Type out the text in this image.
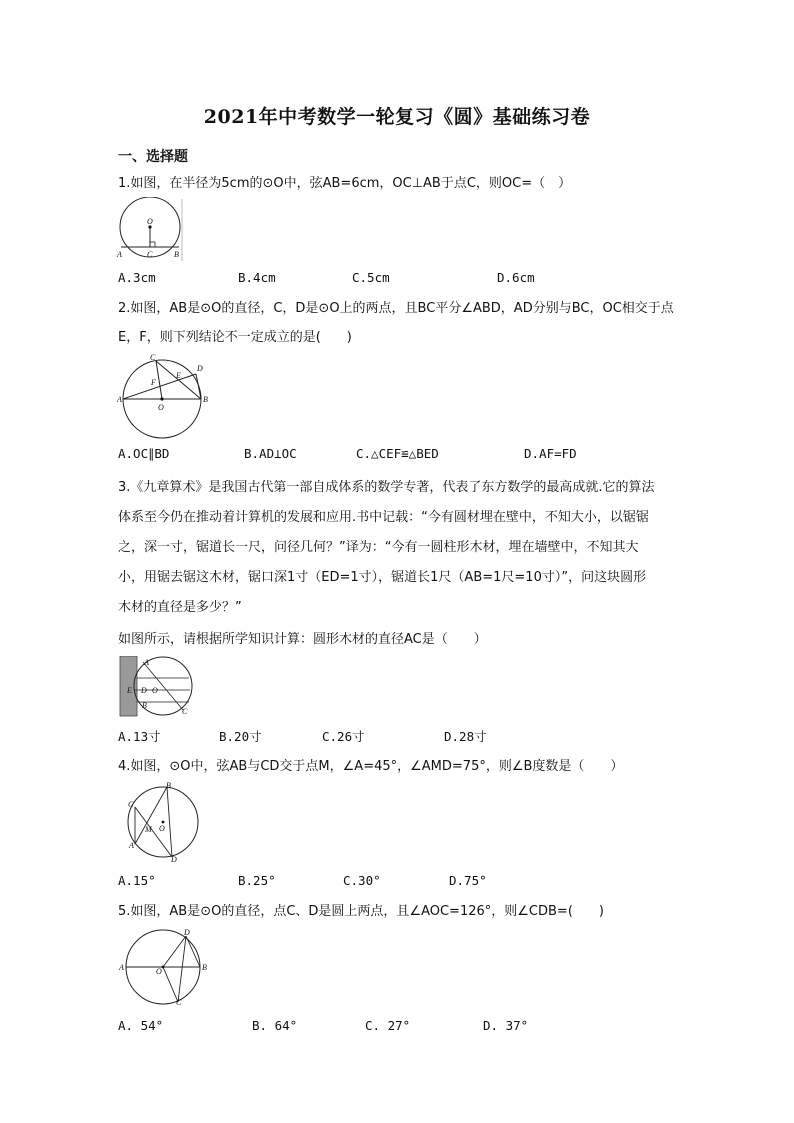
2021年中考数学一轮复习《圆》基础练习卷
一、选择题
1.如图，在半径为5cm的⊙O中，弦AB=6cm，OC⊥AB于点C，则OC=（　）
O
A	B
C
A.3cm	B.4cm	C.5cm	D.6cm
2.如图，AB是⊙O的直径，C，D是⊙O上的两点，且BC平分∠ABD，AD分别与BC，OC相交于点
E，F，则下列结论不一定成立的是(　　)
C
D
E
F
A	B
O
A.OC∥BD	B.AD⊥OC	C.△CEF≌△BED	D.AF=FD
3.《九章算术》是我国古代第一部自成体系的数学专著，代表了东方数学的最高成就.它的算法
体系至今仍在推动着计算机的发展和应用.书中记载：“今有圆材埋在壁中，不知大小，以锯锯
之，深一寸，锯道长一尺，问径几何？”译为：“今有一圆柱形木材，埋在墙壁中，不知其大
小，用锯去锯这木材，锯口深1寸（ED=1寸），锯道长1尺（AB=1尺=10寸）”，问这块圆形
木材的直径是多少？”
如图所示，请根据所学知识计算：圆形木材的直径AC是（　　）
A
E D O
B
C
A.13寸	B.20寸	C.26寸	D.28寸
4.如图，⊙O中，弦AB与CD交于点M，∠A=45°，∠AMD=75°，则∠B度数是（　　）
C
B
M O
A
D
A.15°	B.25°	C.30°	D.75°
5.如图，AB是⊙O的直径，点C、D是圆上两点，且∠AOC=126°，则∠CDB=(　　)
D
A	B
O
C
A. 54°	B. 64°	C. 27°	D. 37°
